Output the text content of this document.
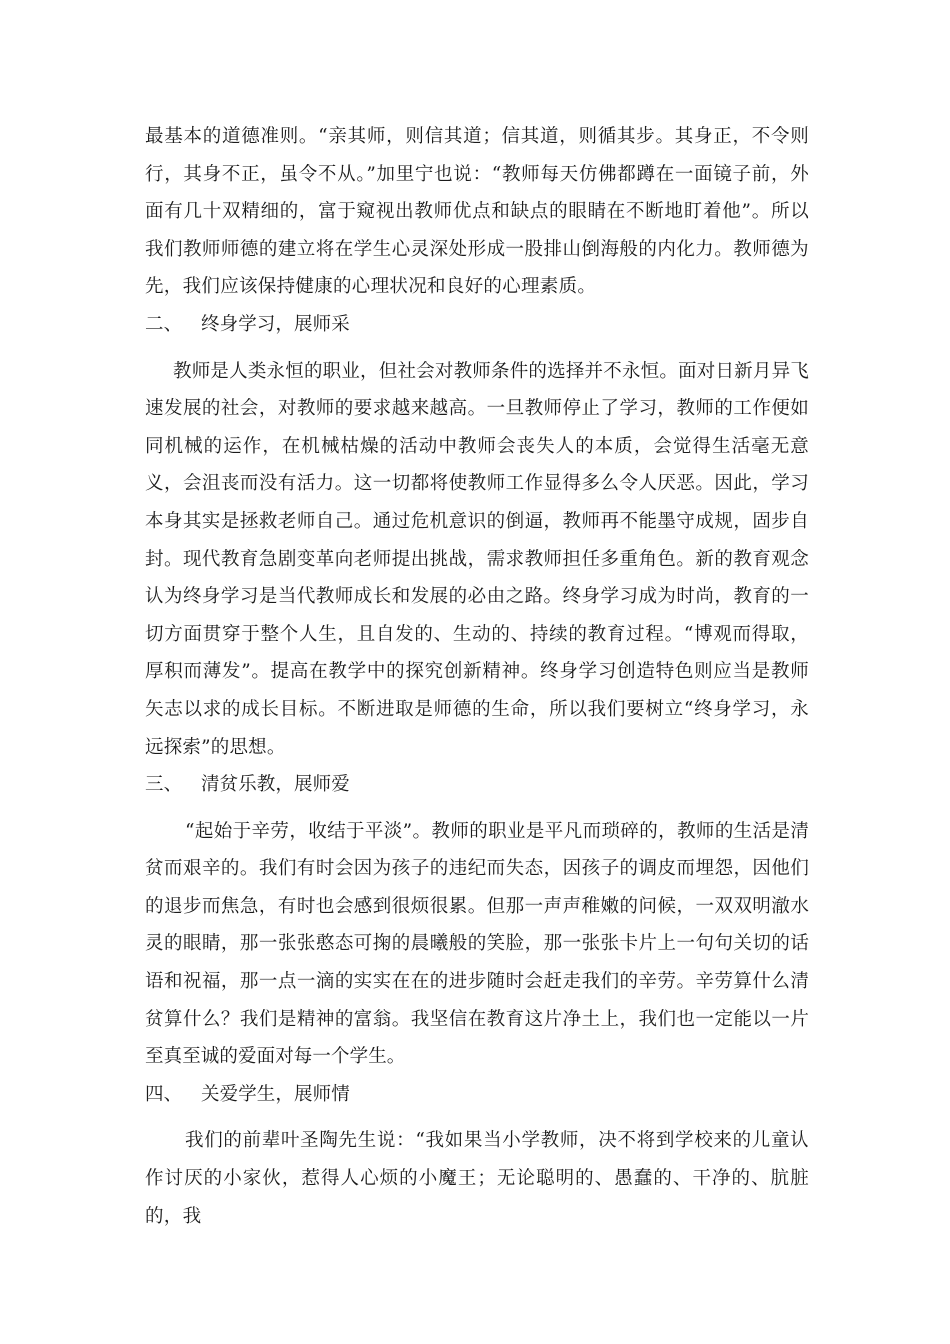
最基本的道德准则。“亲其师，则信其道；信其道，则循其步。其身正，不令则行，其身不正，虽令不从。”加里宁也说：“教师每天仿佛都蹲在一面镜子前，外面有几十双精细的，富于窥视出教师优点和缺点的眼睛在不断地盯着他”。所以我们教师师德的建立将在学生心灵深处形成一股排山倒海般的内化力。教师德为先，我们应该保持健康的心理状况和良好的心理素质。

二、 终身学习，展师采

教师是人类永恒的职业，但社会对教师条件的选择并不永恒。面对日新月异飞速发展的社会，对教师的要求越来越高。一旦教师停止了学习，教师的工作便如同机械的运作，在机械枯燥的活动中教师会丧失人的本质，会觉得生活毫无意义，会沮丧而没有活力。这一切都将使教师工作显得多么令人厌恶。因此，学习本身其实是拯救老师自己。通过危机意识的倒逼，教师再不能墨守成规，固步自封。现代教育急剧变革向老师提出挑战，需求教师担任多重角色。新的教育观念认为终身学习是当代教师成长和发展的必由之路。终身学习成为时尚，教育的一切方面贯穿于整个人生，且自发的、生动的、持续的教育过程。“博观而得取，厚积而薄发”。提高在教学中的探究创新精神。终身学习创造特色则应当是教师矢志以求的成长目标。不断进取是师德的生命，所以我们要树立“终身学习，永远探索”的思想。

三、 清贫乐教，展师爱

“起始于辛劳，收结于平淡”。教师的职业是平凡而琐碎的，教师的生活是清贫而艰辛的。我们有时会因为孩子的违纪而失态，因孩子的调皮而埋怨，因他们的退步而焦急，有时也会感到很烦很累。但那一声声稚嫩的问候，一双双明澈水灵的眼睛，那一张张憨态可掬的晨曦般的笑脸，那一张张卡片上一句句关切的话语和祝福，那一点一滴的实实在在的进步随时会赶走我们的辛劳。辛劳算什么清贫算什么？我们是精神的富翁。我坚信在教育这片净土上，我们也一定能以一片至真至诚的爱面对每一个学生。

四、 关爱学生，展师情

我们的前辈叶圣陶先生说：“我如果当小学教师，决不将到学校来的儿童认作讨厌的小家伙，惹得人心烦的小魔王；无论聪明的、愚蠢的、干净的、肮脏的，我
